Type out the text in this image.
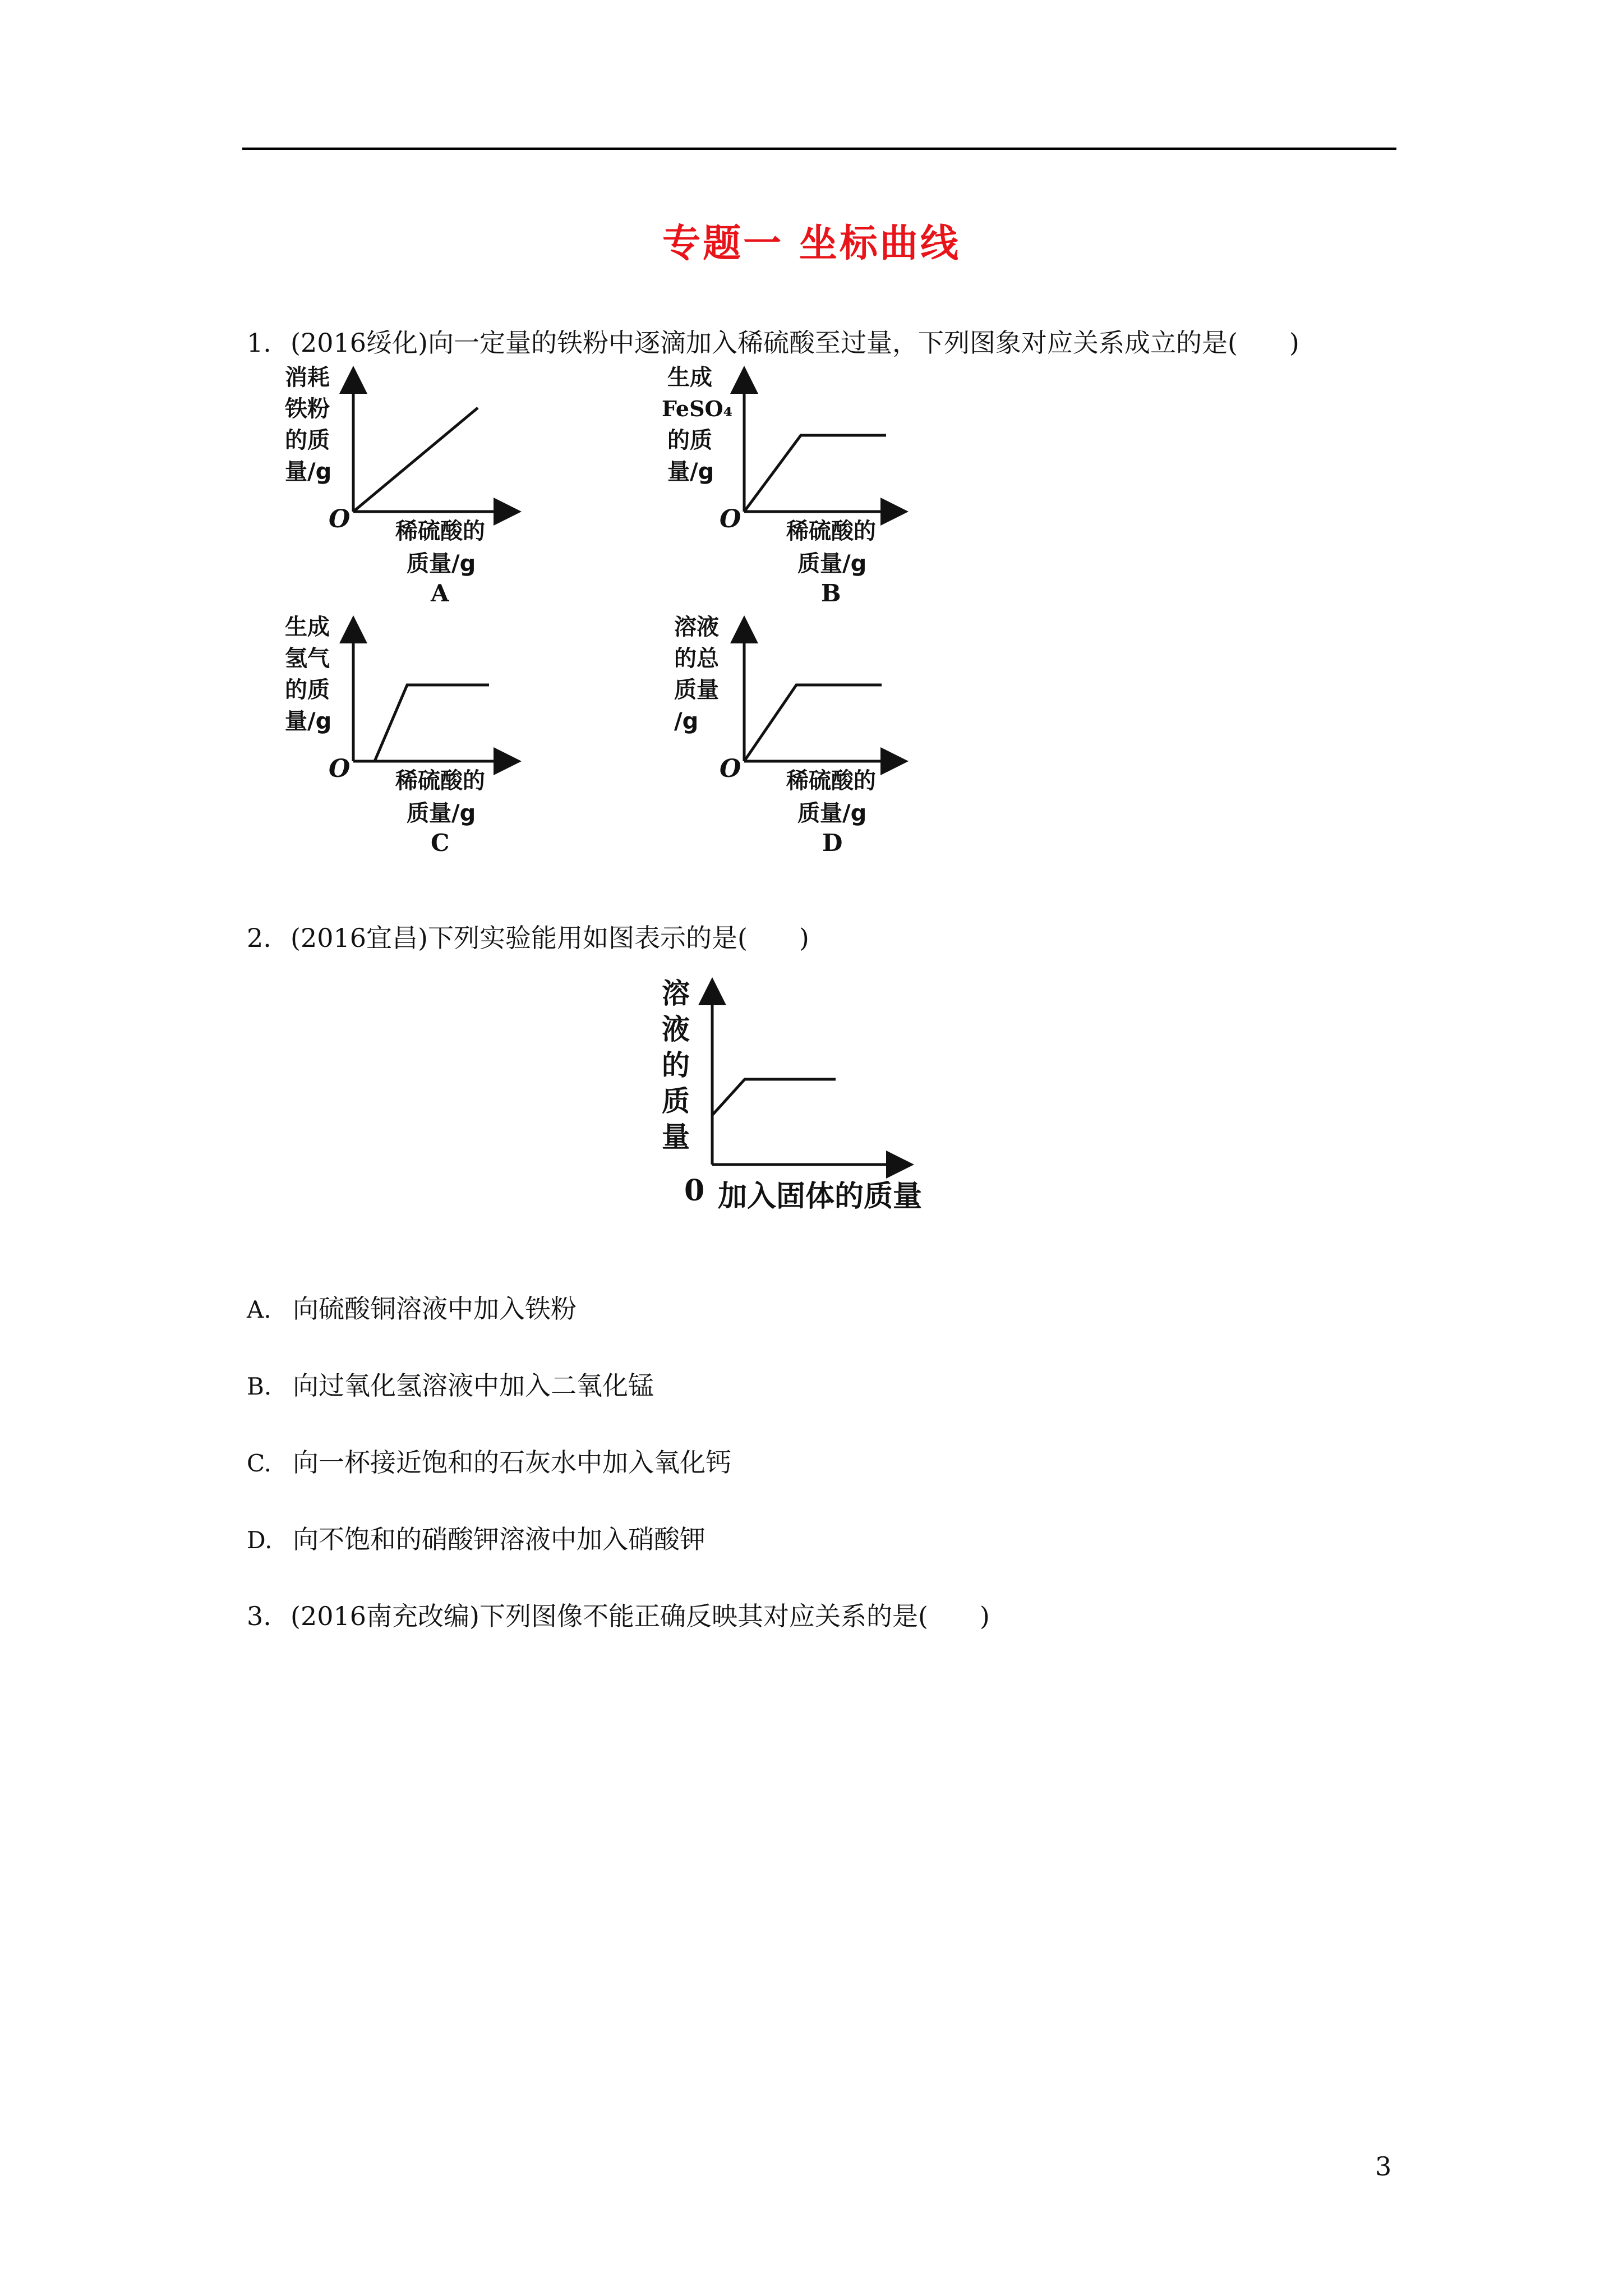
专题一 坐标曲线
1. (2016绥化)向一定量的铁粉中逐滴加入稀硫酸至过量，下列图象对应关系成立的是(　　)
消耗
铁粉
的质
量/g
O 稀硫酸的
质量/g
A
生成
FeSO₄
的质
量/g
O 稀硫酸的
质量/g
B
生成
氢气
的质
量/g
O 稀硫酸的
质量/g
C
溶液
的总
质量
/g
O 稀硫酸的
质量/g
D
2. (2016宜昌)下列实验能用如图表示的是(　　)
溶
液
的
质
量
0 加入固体的质量
A. 向硫酸铜溶液中加入铁粉
B. 向过氧化氢溶液中加入二氧化锰
C. 向一杯接近饱和的石灰水中加入氧化钙
D. 向不饱和的硝酸钾溶液中加入硝酸钾
3. (2016南充改编)下列图像不能正确反映其对应关系的是(　　)
3
